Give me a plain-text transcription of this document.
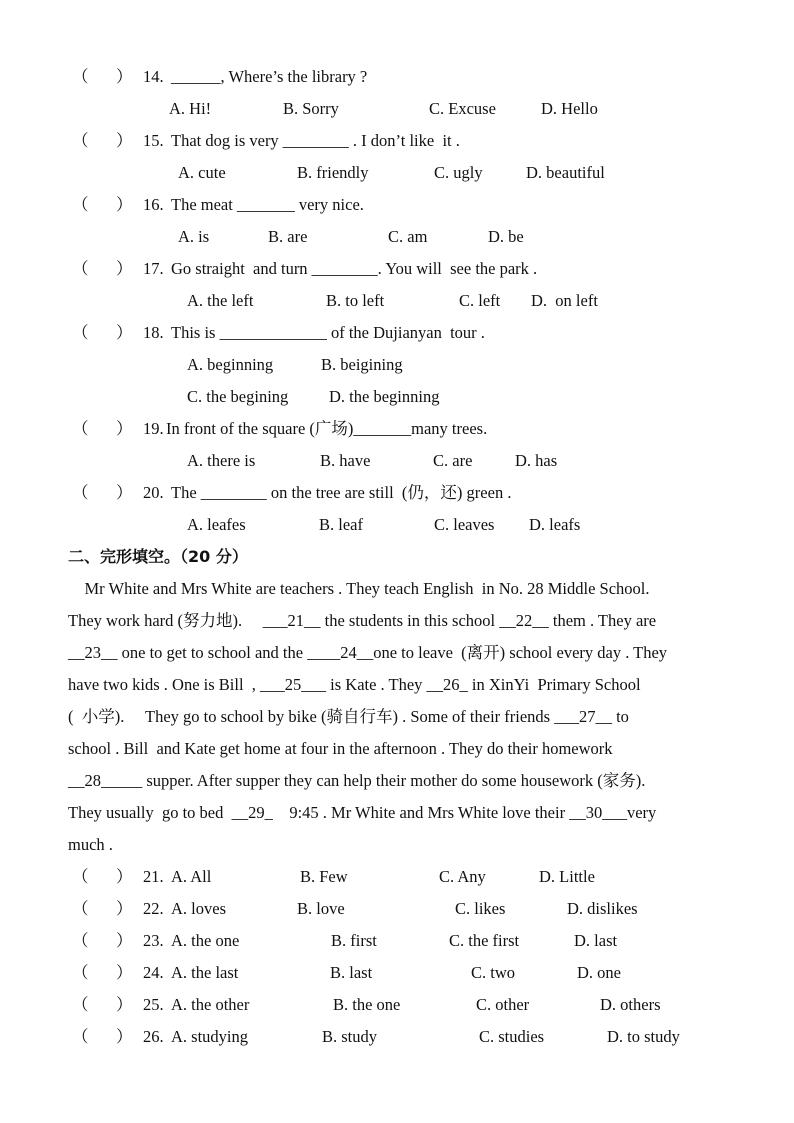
（ ） 14. ______, Where’s the library ?
A. Hi!	B. Sorry	C. Excuse	D. Hello
（ ） 15. That dog is very ________ . I don’t like  it .
A. cute	B. friendly	C. ugly	D. beautiful
（ ） 16. The meat _______ very nice.
A. is	B. are	C. am	D. be
（ ） 17. Go straight  and turn ________. You will  see the park .
A. the left	B. to left	C. left D.  on left
（ ） 18. This is _____________ of the Dujianyan  tour .
A. beginning	B. beigining
C. the begining D. the beginning
（ ） 19. In front of the square (广场)_______many trees.
A. there is	B. have	C. are	D. has
（ ） 20. The ________ on the tree are still  (仍，还) green .
A. leafes	B. leaf	C. leaves D. leafs
二、完形填空。（20 分）
Mr White and Mrs White are teachers . They teach English  in No. 28 Middle School.
They work hard (努力地).     ___21__ the students in this school __22__ them . They are
__23__ one to get to school and the ____24__one to leave  (离开) school every day . They
have two kids . One is Bill  , ___25___ is Kate . They __26_ in XinYi  Primary School
(  小学).     They go to school by bike (骑自行车) . Some of their friends ___27__ to
school . Bill  and Kate get home at four in the afternoon . They do their homework
__28_____ supper. After supper they can help their mother do some housework (家务).
They usually  go to bed  __29_    9:45 . Mr White and Mrs White love their __30___very
much .
（ ） 21. A. All	B. Few	C. Any	D. Little
（ ） 22. A. loves	B. love	C. likes	D. dislikes
（ ） 23. A. the one	B. first	C. the first	D. last
（ ） 24. A. the last	B. last	C. two	D. one
（ ） 25. A. the other	B. the one	C. other	D. others
（ ） 26. A. studying	B. study	C. studies	D. to study
